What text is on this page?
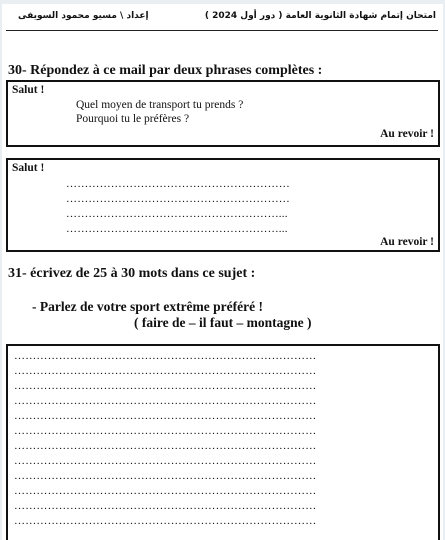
امتحان إتمام شهادة الثانوية العامة ( دور أول 2024 )
إعداد \ مسيو محمود السويفى
30- Répondez à ce mail par deux phrases complètes :
Salut !
Quel moyen de transport tu prends ?
Pourquoi tu le préfères ?
Au revoir !
Salut !
……………………………………………………
……………………………………………………
…………………………………………………...
…………………………………………………...
Au revoir !
31- écrivez de 25 à 30 mots dans ce sujet :
- Parlez de votre sport extrême préféré !
( faire de – il faut – montagne )
………………………………………………………………………
………………………………………………………………………
………………………………………………………………………
………………………………………………………………………
………………………………………………………………………
………………………………………………………………………
………………………………………………………………………
………………………………………………………………………
………………………………………………………………………
………………………………………………………………………
………………………………………………………………………
………………………………………………………………………
